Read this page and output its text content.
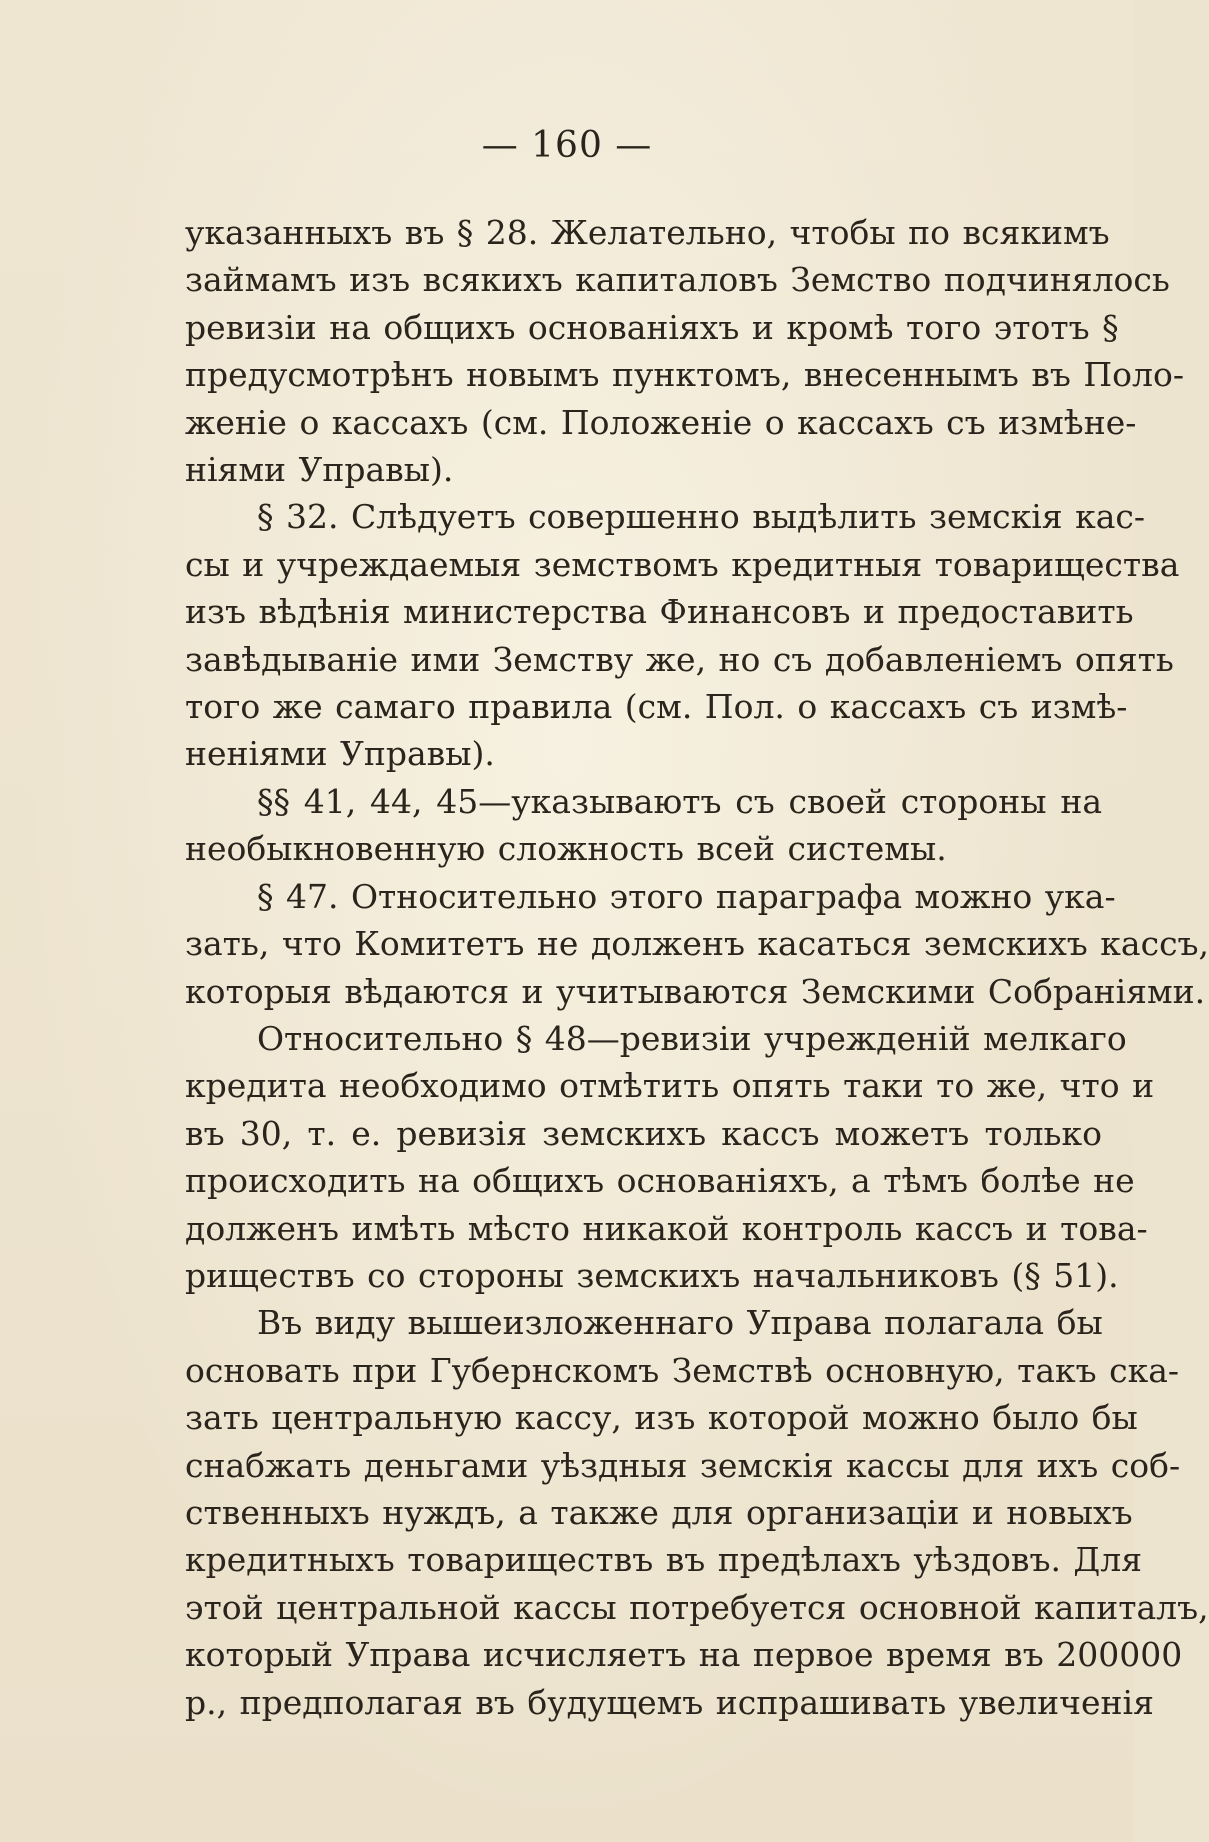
— 160 —

указанныхъ въ § 28. Желательно, чтобы по всякимъ
займамъ изъ всякихъ капиталовъ Земство подчинялось
ревизіи на общихъ основаніяхъ и кромѣ того этотъ §
предусмотрѣнъ новымъ пунктомъ, внесеннымъ въ Поло-
женіе о кассахъ (см. Положеніе о кассахъ съ измѣне-
ніями Управы).

§ 32. Слѣдуетъ совершенно выдѣлить земскія кас-
сы и учреждаемыя земствомъ кредитныя товарищества
изъ вѣдѣнія министерства Финансовъ и предоставить
завѣдываніе ими Земству же, но съ добавленіемъ опять
того же самаго правила (см. Пол. о кассахъ съ измѣ-
неніями Управы).

§§ 41, 44, 45—указываютъ съ своей стороны на
необыкновенную сложность всей системы.

§ 47. Относительно этого параграфа можно ука-
зать, что Комитетъ не долженъ касаться земскихъ кассъ,
которыя вѣдаются и учитываются Земскими Собраніями.

Относительно § 48—ревизіи учрежденій мелкаго
кредита необходимо отмѣтить опять таки то же, что и
въ 30, т. е. ревизія земскихъ кассъ можетъ только
происходить на общихъ основаніяхъ, а тѣмъ болѣе не
долженъ имѣть мѣсто никакой контроль кассъ и това-
риществъ со стороны земскихъ начальниковъ (§ 51).

Въ виду вышеизложеннаго Управа полагала бы
основать при Губернскомъ Земствѣ основную, такъ ска-
зать центральную кассу, изъ которой можно было бы
снабжать деньгами уѣздныя земскія кассы для ихъ соб-
ственныхъ нуждъ, а также для организаціи и новыхъ
кредитныхъ товариществъ въ предѣлахъ уѣздовъ. Для
этой центральной кассы потребуется основной капиталъ,
который Управа исчисляетъ на первое время въ 200000
р., предполагая въ будущемъ испрашивать увеличенія
